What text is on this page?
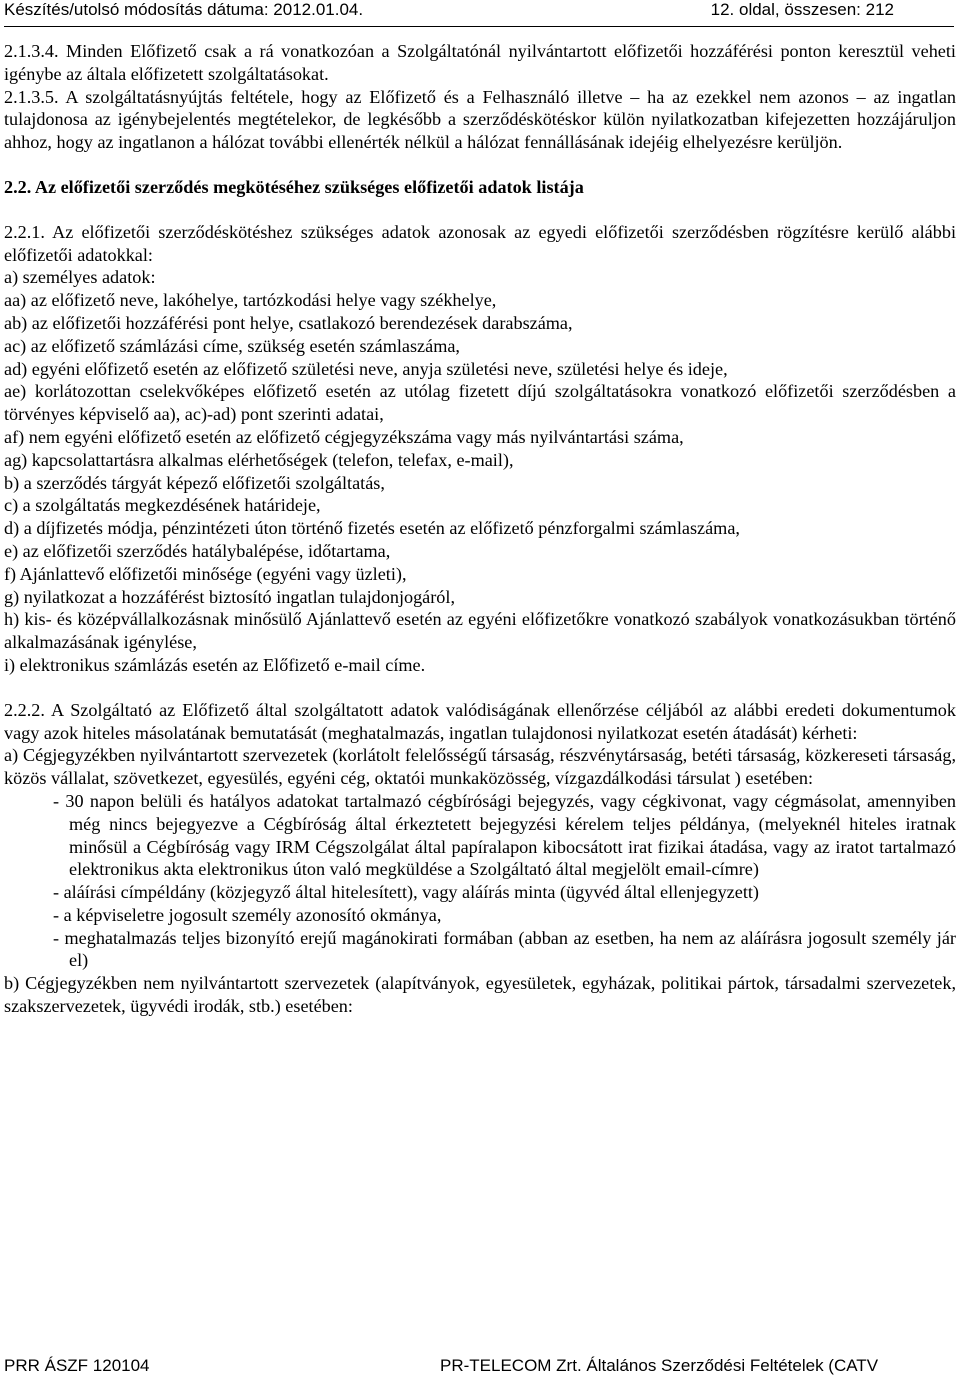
Készítés/utolsó módosítás dátuma: 2012.01.04.	12. oldal, összesen: 212

2.1.3.4. Minden Előfizető csak a rá vonatkozóan a Szolgáltatónál nyilvántartott előfizetői hozzáférési ponton keresztül veheti igénybe az általa előfizetett szolgáltatásokat.

2.1.3.5. A szolgáltatásnyújtás feltétele, hogy az Előfizető és a Felhasználó illetve – ha az ezekkel nem azonos – az ingatlan tulajdonosa az igénybejelentés megtételekor, de legkésőbb a szerződéskötéskor külön nyilatkozatban kifejezetten hozzájáruljon ahhoz, hogy az ingatlanon a hálózat további ellenérték nélkül a hálózat fennállásának idejéig elhelyezésre kerüljön.

2.2. Az előfizetői szerződés megkötéséhez szükséges előfizetői adatok listája

2.2.1. Az előfizetői szerződéskötéshez szükséges adatok azonosak az egyedi előfizetői szerződésben rögzítésre kerülő alábbi előfizetői adatokkal:

a) személyes adatok:

aa) az előfizető neve, lakóhelye, tartózkodási helye vagy székhelye,

ab) az előfizetői hozzáférési pont helye, csatlakozó berendezések darabszáma,

ac) az előfizető számlázási címe, szükség esetén számlaszáma,

ad) egyéni előfizető esetén az előfizető születési neve, anyja születési neve, születési helye és ideje,

ae) korlátozottan cselekvőképes előfizető esetén az utólag fizetett díjú szolgáltatásokra vonatkozó előfizetői szerződésben a törvényes képviselő aa), ac)-ad) pont szerinti adatai,

af) nem egyéni előfizető esetén az előfizető cégjegyzékszáma vagy más nyilvántartási száma,

ag) kapcsolattartásra alkalmas elérhetőségek (telefon, telefax, e-mail),

b) a szerződés tárgyát képező előfizetői szolgáltatás,

c) a szolgáltatás megkezdésének határideje,

d) a díjfizetés módja, pénzintézeti úton történő fizetés esetén az előfizető pénzforgalmi számlaszáma,

e) az előfizetői szerződés hatálybalépése, időtartama,

f) Ajánlattevő előfizetői minősége (egyéni vagy üzleti),

g) nyilatkozat a hozzáférést biztosító ingatlan tulajdonjogáról,

h) kis- és középvállalkozásnak minősülő Ajánlattevő esetén az egyéni előfizetőkre vonatkozó szabályok vonatkozásukban történő alkalmazásának igénylése,

i) elektronikus számlázás esetén az Előfizető e-mail címe.

2.2.2. A Szolgáltató az Előfizető által szolgáltatott adatok valódiságának ellenőrzése céljából az alábbi eredeti dokumentumok vagy azok hiteles másolatának bemutatását (meghatalmazás, ingatlan tulajdonosi nyilatkozat esetén átadását) kérheti:

a) Cégjegyzékben nyilvántartott szervezetek (korlátolt felelősségű társaság, részvénytársaság, betéti társaság, közkereseti társaság, közös vállalat, szövetkezet, egyesülés, egyéni cég, oktatói munkaközösség, vízgazdálkodási társulat ) esetében:

- 30 napon belüli és hatályos adatokat tartalmazó cégbírósági bejegyzés, vagy cégkivonat, vagy cégmásolat, amennyiben még nincs bejegyezve a Cégbíróság által érkeztetett bejegyzési kérelem teljes példánya, (melyeknél hiteles iratnak minősül a Cégbíróság vagy IRM Cégszolgálat által papíralapon kibocsátott irat fizikai átadása, vagy az iratot tartalmazó elektronikus akta elektronikus úton való megküldése a Szolgáltató által megjelölt email-címre)

- aláírási címpéldány (közjegyző által hitelesített), vagy aláírás minta (ügyvéd által ellenjegyzett)

- a képviseletre jogosult személy azonosító okmánya,

- meghatalmazás teljes bizonyító erejű magánokirati formában (abban az esetben, ha nem az aláírásra jogosult személy jár el)

b) Cégjegyzékben nem nyilvántartott szervezetek (alapítványok, egyesületek, egyházak, politikai pártok, társadalmi szervezetek, szakszervezetek, ügyvédi irodák, stb.) esetében:

PRR ÁSZF 120104	PR-TELECOM Zrt. Általános Szerződési Feltételek (CATV
